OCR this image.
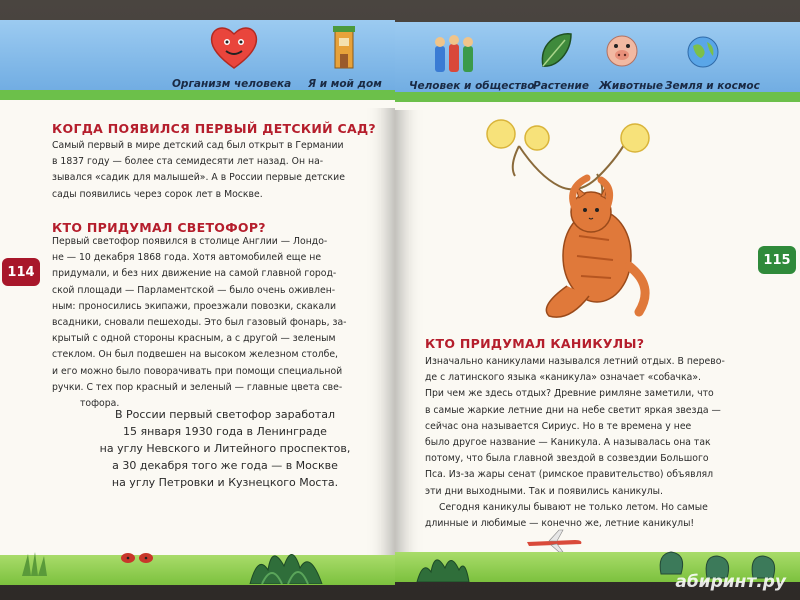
Организм человека Я и мой дом
114
КОГДА ПОЯВИЛСЯ ПЕРВЫЙ ДЕТСКИЙ САД?
Самый первый в мире детский сад был открыт в Германии
в 1837 году — более ста семидесяти лет назад. Он на-
зывался «садик для малышей». А в России первые детские
сады появились через сорок лет в Москве.
КТО ПРИДУМАЛ СВЕТОФОР?
Первый светофор появился в столице Англии — Лондо-
не — 10 декабря 1868 года. Хотя автомобилей еще не
придумали, и без них движение на самой главной город-
ской площади — Парламентской — было очень оживлен-
ным: проносились экипажи, проезжали повозки, скакали
всадники, сновали пешеходы. Это был газовый фонарь, за-
крытый с одной стороны красным, а с другой — зеленым
стеклом. Он был подвешен на высоком железном столбе,
и его можно было поворачивать при помощи специальной
ручки. С тех пор красный и зеленый — главные цвета све-
тофора.
В России первый светофор заработал
15 января 1930 года в Ленинграде
на углу Невского и Литейного проспектов,
а 30 декабря того же года — в Москве
на углу Петровки и Кузнецкого Моста.
Человек и общество
Растение Животные Земля и космос
115
КТО ПРИДУМАЛ КАНИКУЛЫ?
Изначально каникулами назывался летний отдых. В перево-
де с латинского языка «каникула» означает «собачка».
При чем же здесь отдых? Древние римляне заметили, что
в самые жаркие летние дни на небе светит яркая звезда —
сейчас она называется Сириус. Но в те времена у нее
было другое название — Каникула. А называлась она так
потому, что была главной звездой в созвездии Большого
Пса. Из-за жары сенат (римское правительство) объявлял
эти дни выходными. Так и появились каникулы.
Сегодня каникулы бывают не только летом. Но самые
длинные и любимые — конечно же, летние каникулы!
абиринт.ру
